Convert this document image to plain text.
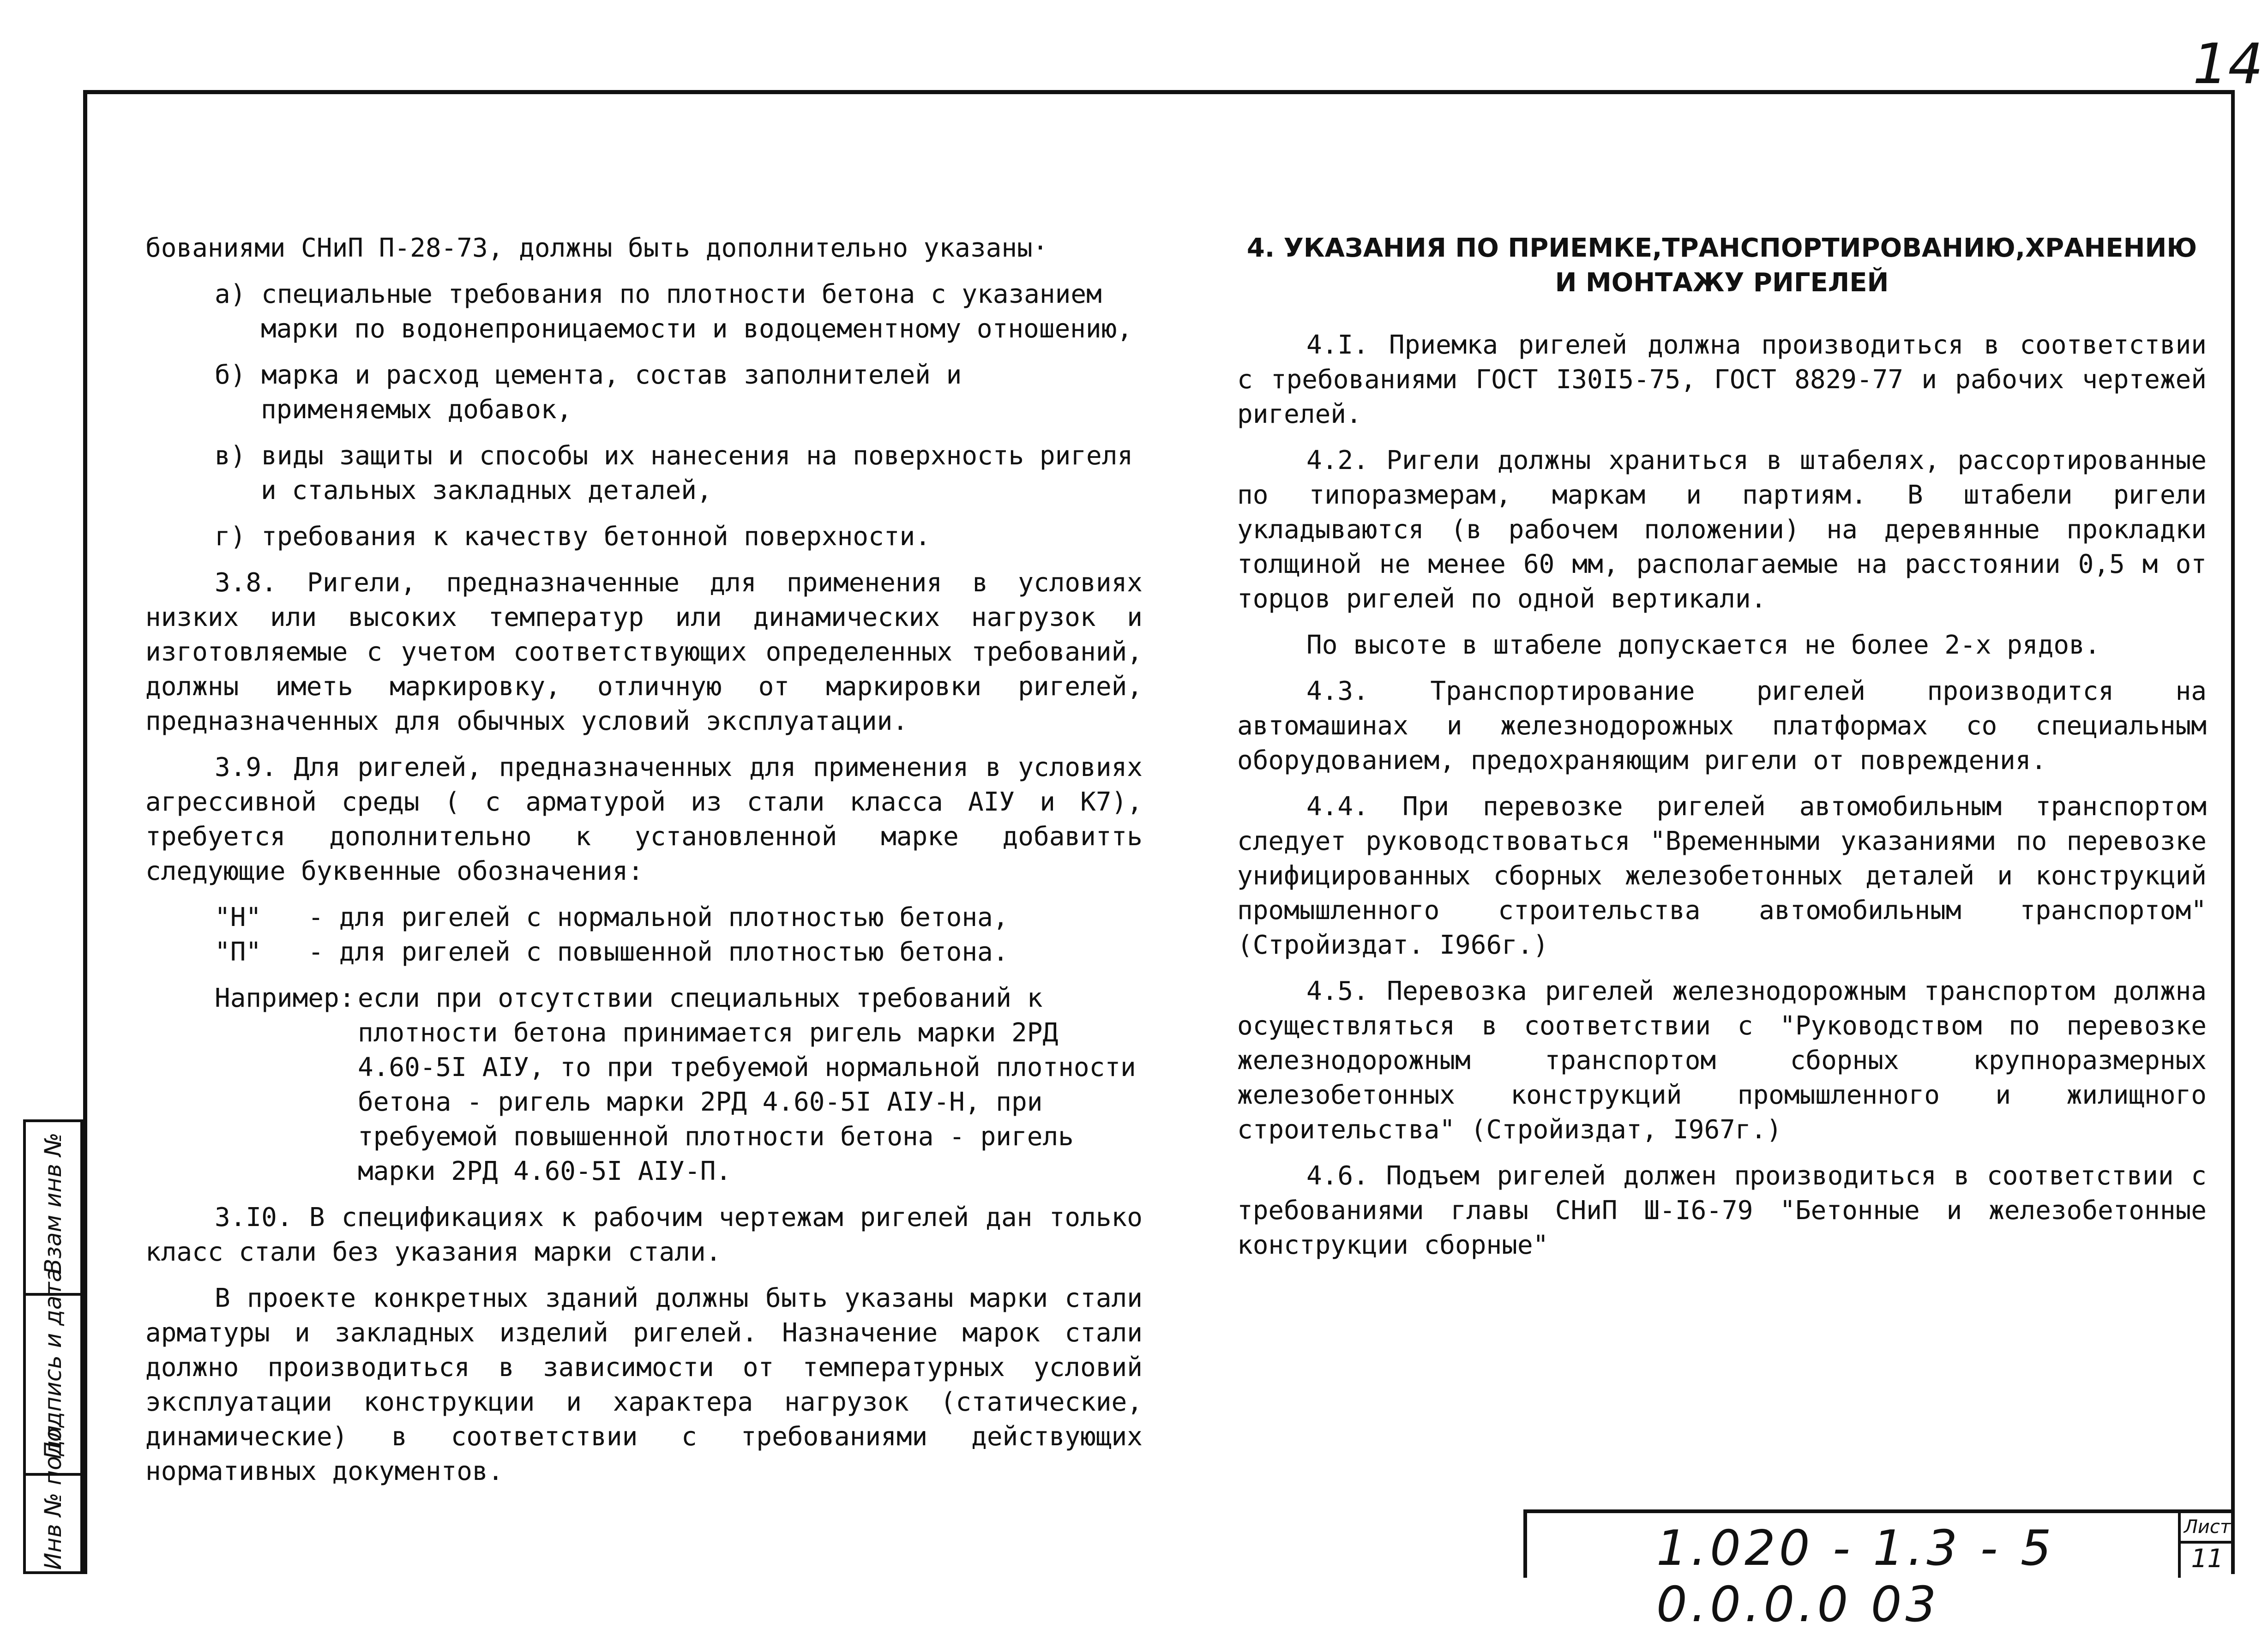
14

бованиями СНиП П-28-73, должны быть дополнительно указаны·

а) специальные требования по плотности бетона с указанием марки по водонепроницаемости и водоцементному отношению,

б) марка и расход цемента, состав заполнителей и применяемых добавок,

в) виды защиты и способы их нанесения на поверхность ригеля и стальных закладных деталей,

г) требования к качеству бетонной поверхности.

3.8. Ригели, предназначенные для применения в условиях низких или высоких температур или динамических нагрузок и изготовляемые с учетом соответствующих определенных требований, должны иметь маркировку, отличную от маркировки ригелей, предназначенных для обычных условий эксплуатации.

3.9. Для ригелей, предназначенных для применения в условиях агрессивной среды ( с арматурой из стали класса АIУ и К7), требуется дополнительно к установленной марке добавитть следующие буквенные обозначения:

"Н"   - для ригелей с нормальной плотностью бетона,

"П"   - для ригелей с повышенной плотностью бетона.

Например: если при отсутствии специальных требований к плотности бетона принимается ригель марки 2РД 4.60-5I АIУ, то при требуемой нормальной плотности бетона - ригель марки 2РД 4.60-5I АIУ-Н, при требуемой повышенной плотности бетона - ригель марки 2РД 4.60-5I АIУ-П.

3.I0. В спецификациях к рабочим чертежам ригелей дан только класс стали без указания марки стали.

В проекте конкретных зданий должны быть указаны марки стали арматуры и закладных изделий ригелей. Назначение марок стали должно производиться в зависимости от температурных условий эксплуатации конструкции и характера нагрузок (статические, динамические) в соответствии с требованиями действующих нормативных документов.

4. УКАЗАНИЯ ПО ПРИЕМКЕ,ТРАНСПОРТИРОВАНИЮ,ХРАНЕНИЮ И МОНТАЖУ РИГЕЛЕЙ

4.I. Приемка ригелей должна производиться в соответствии с требованиями ГОСТ I30I5-75, ГОСТ 8829-77 и рабочих чертежей ригелей.

4.2. Ригели должны храниться в штабелях, рассортированные по типоразмерам, маркам и партиям. В штабели ригели укладываются (в рабочем положении) на деревянные прокладки толщиной не менее 60 мм, располагаемые на расстоянии 0,5 м от торцов ригелей по одной вертикали.

По высоте в штабеле допускается не более 2-х рядов.

4.3. Транспортирование ригелей производится на автомашинах и железнодорожных платформах со специальным оборудованием, предохраняющим ригели от повреждения.

4.4. При перевозке ригелей автомобильным транспортом следует руководствоваться "Временными указаниями по перевозке унифицированных сборных железобетонных деталей и конструкций промышленного строительства автомобильным транспортом" (Стройиздат. I966г.)

4.5. Перевозка ригелей железнодорожным транспортом должна осуществляться в соответствии с "Руководством по перевозке железнодорожным транспортом сборных крупноразмерных железобетонных конструкций промышленного и жилищного строительства" (Стройиздат, I967г.)

4.6. Подъем ригелей должен производиться в соответствии с требованиями главы СНиП Ш-I6-79 "Бетонные и железобетонные конструкции сборные"

1.020 - 1.3 - 5 0.0.0.0 03
Лист
11
Взам инв №
Подпись и дата
Инв № подл
